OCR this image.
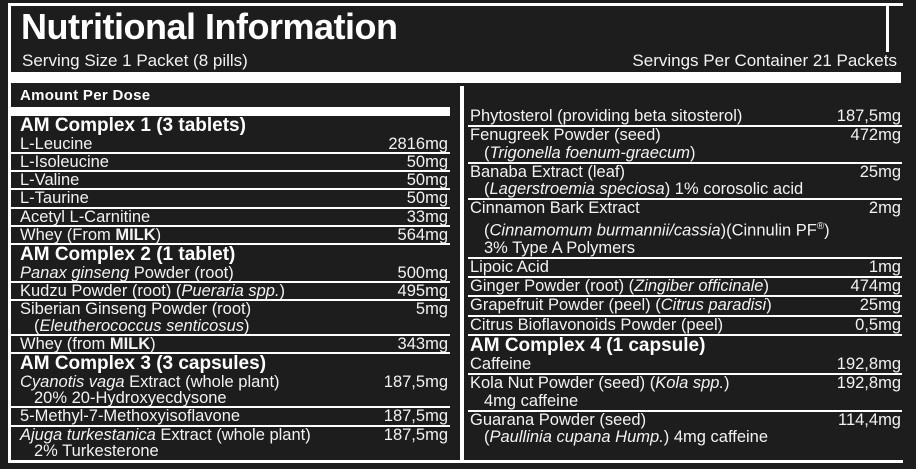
Nutritional Information
Serving Size 1 Packet (8 pills)	Servings Per Container 21 Packets
Amount Per Dose
AM Complex 1 (3 tablets)
L-Leucine	2816mg
L-Isoleucine	50mg
L-Valine	50mg
L-Taurine	50mg
Acetyl L-Carnitine	33mg
Whey (From MILK)	564mg
AM Complex 2 (1 tablet)
Panax ginseng Powder (root)	500mg
Kudzu Powder (root) (Pueraria spp.)	495mg
Siberian Ginseng Powder (root)	5mg
(Eleutherococcus senticosus)
Whey (from MILK)	343mg
AM Complex 3 (3 capsules)
Cyanotis vaga Extract (whole plant)	187,5mg
20% 20-Hydroxyecdysone
5-Methyl-7-Methoxyisoflavone	187,5mg
Ajuga turkestanica Extract (whole plant)	187,5mg
2% Turkesterone
Phytosterol (providing beta sitosterol)	187,5mg
Fenugreek Powder (seed)	472mg
(Trigonella foenum-graecum)
Banaba Extract (leaf)	25mg
(Lagerstroemia speciosa) 1% corosolic acid
Cinnamon Bark Extract	2mg
(Cinnamomum burmannii/cassia)(Cinnulin PF®)
3% Type A Polymers
Lipoic Acid	1mg
Ginger Powder (root) (Zingiber officinale)	474mg
Grapefruit Powder (peel) (Citrus paradisi)	25mg
Citrus Bioflavonoids Powder (peel)	0,5mg
AM Complex 4 (1 capsule)
Caffeine	192,8mg
Kola Nut Powder (seed) (Kola spp.)	192,8mg
4mg caffeine
Guarana Powder (seed)	114,4mg
(Paullinia cupana Hump.) 4mg caffeine
